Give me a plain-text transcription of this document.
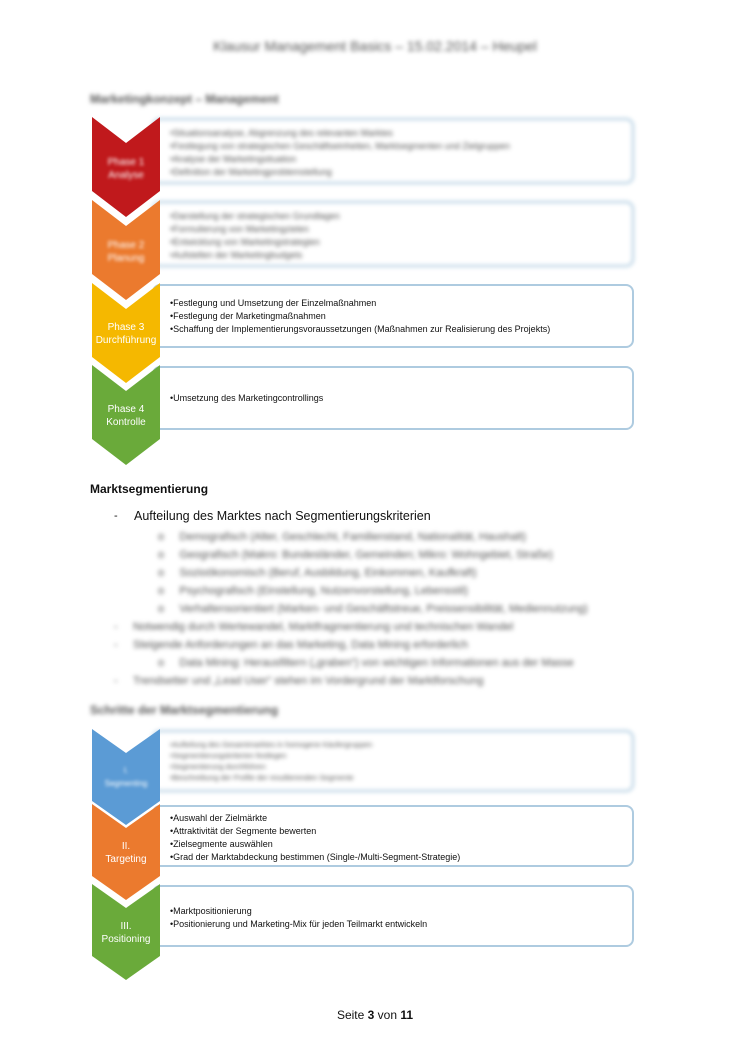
Klausur Management Basics – 15.02.2014 – Heupel
Marketingkonzept – Management
•Situationsanalyse, Abgrenzung des relevanten Marktes
•Festlegung von strategischen Geschäftseinheiten, Marktsegmenten und Zielgruppen
•Analyse der Marketingsituation
•Definition der Marketingproblemstellung
•Darstellung der strategischen Grundlagen
•Formulierung von Marketingzielen
•Entwicklung von Marketingstrategien
•Aufstellen der Marketingbudgets
•Festlegung und Umsetzung der Einzelmaßnahmen
•Festlegung der Marketingmaßnahmen
•Schaffung der Implementierungsvoraussetzungen (Maßnahmen zur Realisierung des Projekts)
•Umsetzung des Marketingcontrollings
Phase 1
Analyse
Phase 2
Planung
Phase 3
Durchführung
Phase 4
Kontrolle
Marktsegmentierung
- Aufteilung des Marktes nach Segmentierungskriterien
o Demografisch (Alter, Geschlecht, Familienstand, Nationalität, Haushalt)
o Geografisch (Makro: Bundesländer, Gemeinden; Mikro: Wohngebiet, Straße)
o Sozioökonomisch (Beruf, Ausbildung, Einkommen, Kaufkraft)
o Psychografisch (Einstellung, Nutzenvorstellung, Lebensstil)
o Verhaltensorientiert (Marken- und Geschäftstreue, Preissensibilität, Mediennutzung)
- Notwendig durch Wertewandel, Marktfragmentierung und technischen Wandel
- Steigende Anforderungen an das Marketing, Data Mining erforderlich
o Data Mining: Herausfiltern („graben“) von wichtigen Informationen aus der Masse
- Trendsetter und „Lead User“ stehen im Vordergrund der Marktforschung
Schritte der Marktsegmentierung
•Aufteilung des Gesamtmarktes in homogene Käufergruppen
•Segmentierungskriterien festlegen
•Segmentierung durchführen
•Beschreibung der Profile der resultierenden Segmente
•Auswahl der Zielmärkte
•Attraktivität der Segmente bewerten
•Zielsegmente auswählen
•Grad der Marktabdeckung bestimmen (Single-/Multi-Segment-Strategie)
•Marktpositionierung
•Positionierung und Marketing-Mix für jeden Teilmarkt entwickeln
I.
Segmenting
II.
Targeting
III.
Positioning
Seite 3 von 11
